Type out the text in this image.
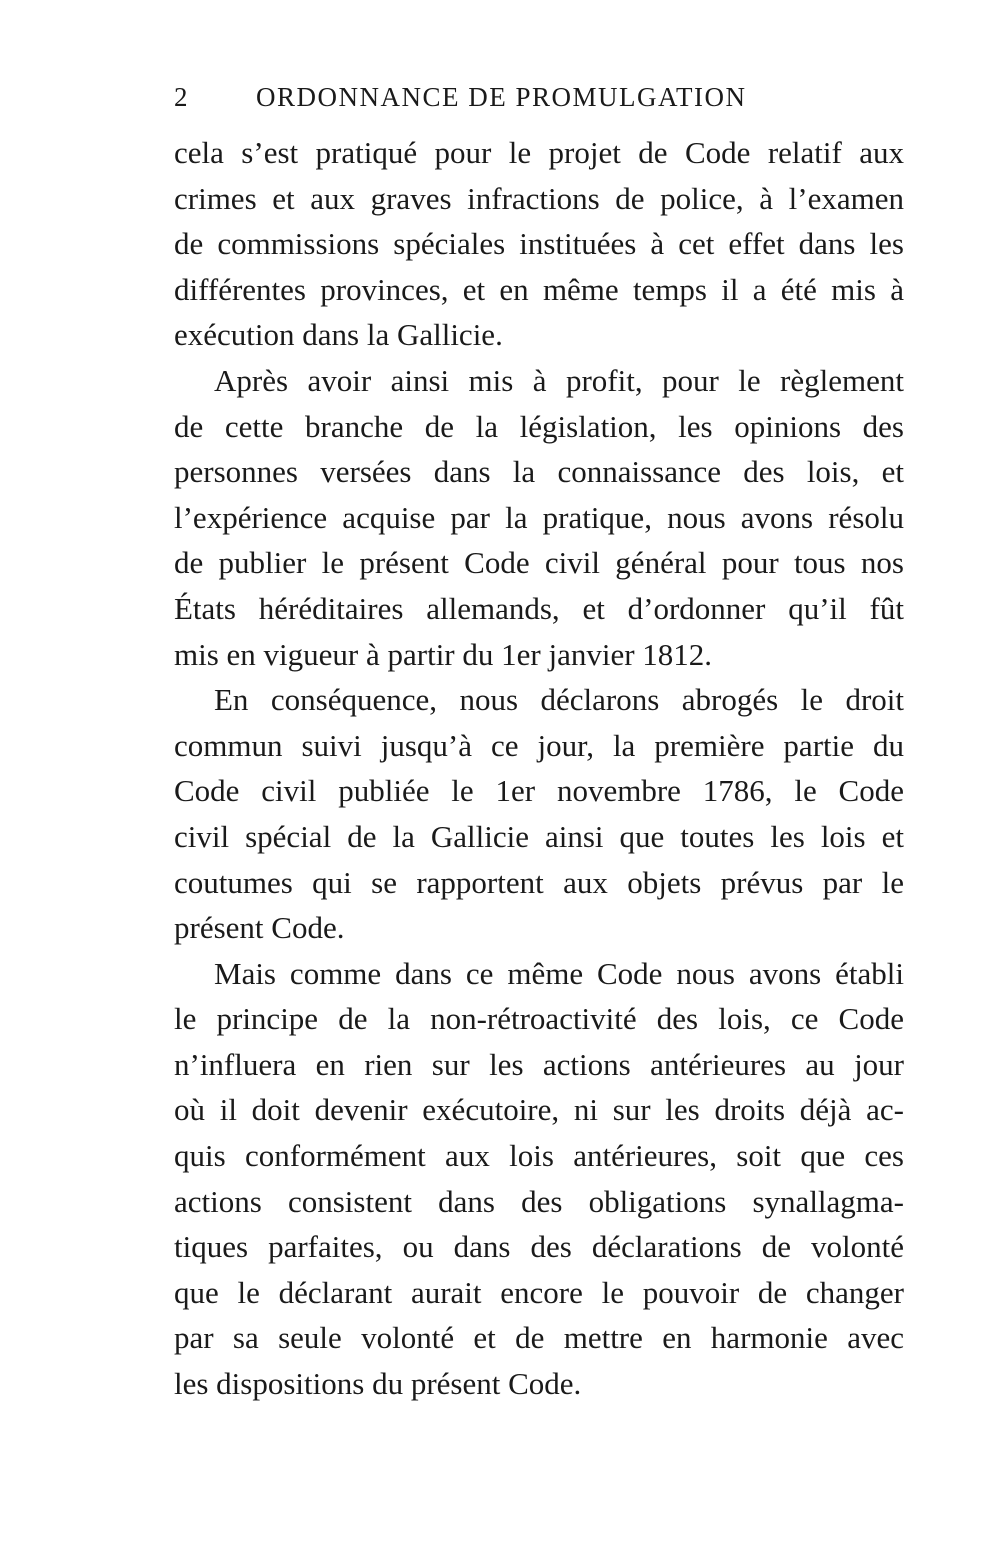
2 ORDONNANCE DE PROMULGATION
cela s’est pratiqué pour le projet de Code relatif aux
crimes et aux graves infractions de police, à l’examen
de commissions spéciales instituées à cet effet dans les
différentes provinces, et en même temps il a été mis à
exécution dans la Gallicie.
Après avoir ainsi mis à profit, pour le règlement
de cette branche de la législation, les opinions des
personnes versées dans la connaissance des lois, et
l’expérience acquise par la pratique, nous avons résolu
de publier le présent Code civil général pour tous nos
États héréditaires allemands, et d’ordonner qu’il fût
mis en vigueur à partir du 1er janvier 1812.
En conséquence, nous déclarons abrogés le droit
commun suivi jusqu’à ce jour, la première partie du
Code civil publiée le 1er novembre 1786, le Code
civil spécial de la Gallicie ainsi que toutes les lois et
coutumes qui se rapportent aux objets prévus par le
présent Code.
Mais comme dans ce même Code nous avons établi
le principe de la non-rétroactivité des lois, ce Code
n’influera en rien sur les actions antérieures au jour
où il doit devenir exécutoire, ni sur les droits déjà ac-
quis conformément aux lois antérieures, soit que ces
actions consistent dans des obligations synallagma-
tiques parfaites, ou dans des déclarations de volonté
que le déclarant aurait encore le pouvoir de changer
par sa seule volonté et de mettre en harmonie avec
les dispositions du présent Code.
